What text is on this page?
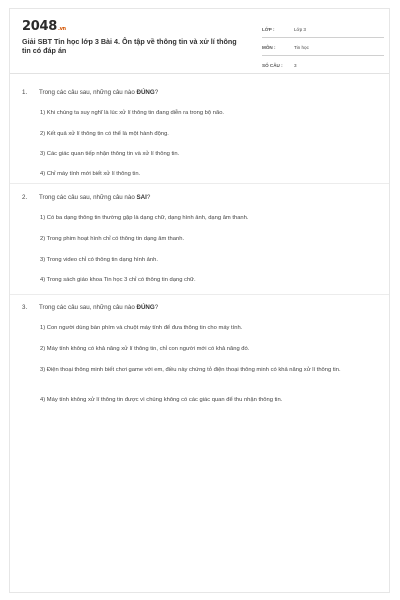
2048.vn
Giải SBT Tin học lớp 3 Bài 4. Ôn tập về thông tin và xử lí thông tin có đáp án
LỚP :	Lớp 3
MÔN :	Tin học
SỐ CÂU : 3
1. Trong các câu sau, những câu nào ĐÚNG?
1) Khi chúng ta suy nghĩ là lúc xử lí thông tin đang diễn ra trong bộ não.
2) Kết quả xử lí thông tin có thể là một hành động.
3) Các giác quan tiếp nhận thông tin và xử lí thông tin.
4) Chỉ máy tính mới biết xử lí thông tin.
2. Trong các câu sau, những câu nào SAI?
1) Có ba dạng thông tin thường gặp là dạng chữ, dạng hình ảnh, dạng âm thanh.
2) Trong phim hoạt hình chỉ có thông tin dạng âm thanh.
3) Trong video chỉ có thông tin dạng hình ảnh.
4) Trong sách giáo khoa Tin học 3 chỉ có thông tin dạng chữ.
3. Trong các câu sau, những câu nào ĐÚNG?
1) Con người dùng bàn phím và chuột máy tính để đưa thông tin cho máy tính.
2) Máy tính không có khả năng xử lí thông tin, chỉ con người mới có khả năng đó.
3) Điện thoại thông minh biết chơi game với em, điều này chứng tỏ điện thoại thông minh có khả năng xử lí thông tin.
4) Máy tính không xử lí thông tin được vì chúng không có các giác quan để thu nhận thông tin.
